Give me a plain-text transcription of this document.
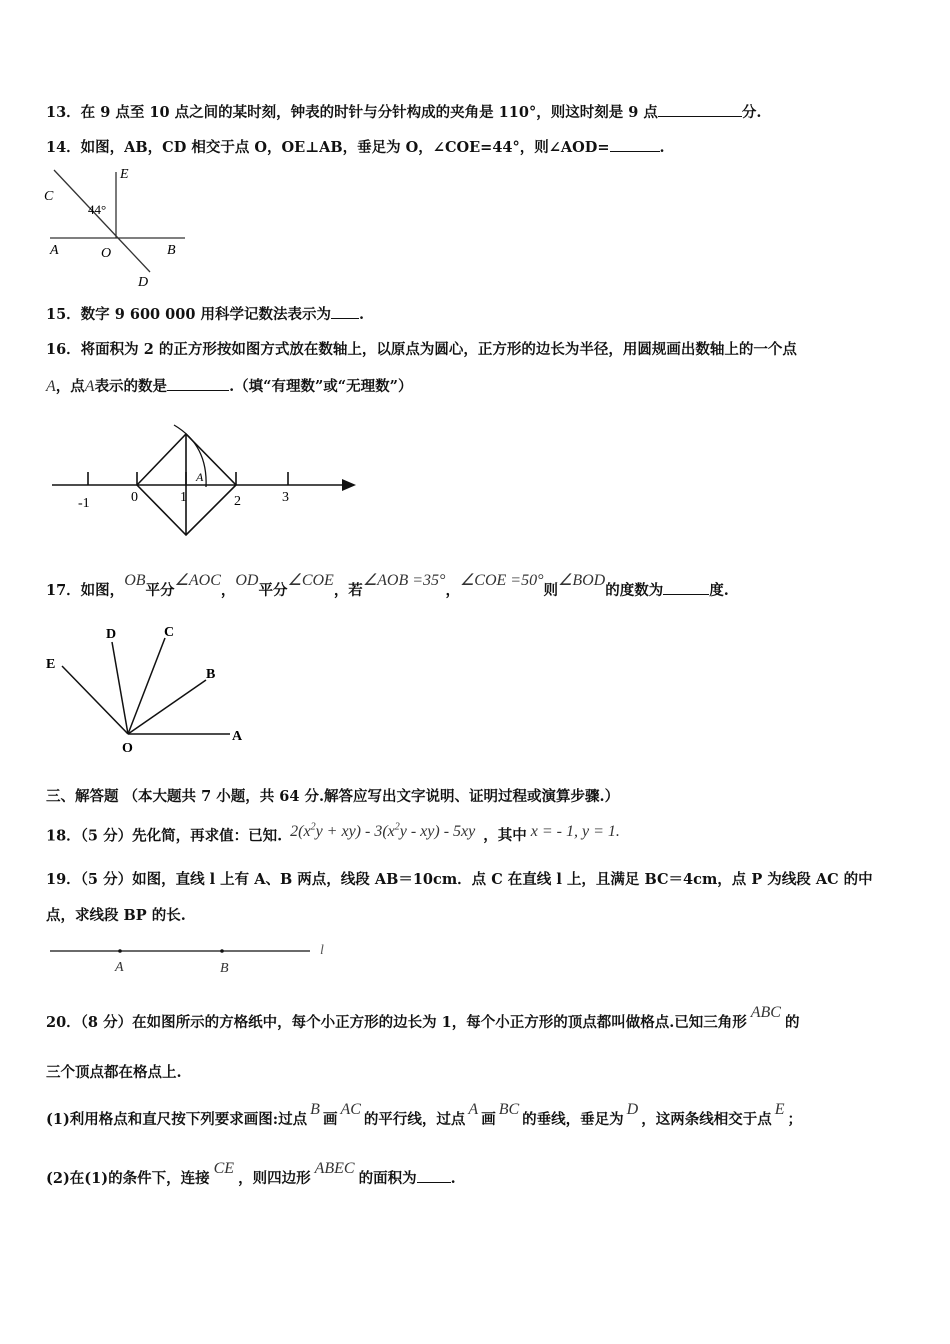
13．在 9 点至 10 点之间的某时刻，钟表的时针与分针构成的夹角是 110°，则这时刻是 9 点	分.
14．如图，AB，CD 相交于点 O，OE⊥AB，垂足为 O，∠COE=44°，则∠AOD=	.
C
E
44°
A	O	B
D
15．数字 9 600 000 用科学记数法表示为 .
16．将面积为 2 的正方形按如图方式放在数轴上，以原点为圆心，正方形的边长为半径，用圆规画出数轴上的一个点
A，点A表示的数是	.（填“有理数”或“无理数”）
-1	0	1	2	3
A
17．如图，OB平分∠AOC，OD平分∠COE，若∠AOB =35°，∠COE =50°则∠BOD的度数为	度.
D	C
E
B
O
A
三、解答题 （本大题共 7 小题，共 64 分.解答应写出文字说明、证明过程或演算步骤.）
18．（5 分）先化简，再求值：已知. $2(x^2y + xy) - 3(x^2y - xy) - 5xy$ ，其中 x = - 1, y = 1.
19．（5 分）如图，直线 l 上有 A、B 两点，线段 AB＝10cm．点 C 在直线 l 上，且满足 BC＝4cm，点 P 为线段 AC 的中
点，求线段 BP 的长.
A	B
l
20．（8 分）在如图所示的方格纸中，每个小正方形的边长为 1，每个小正方形的顶点都叫做格点.已知三角形ABC的
三个顶点都在格点上.
(1)利用格点和直尺按下列要求画图:过点B画AC的平行线，过点A画BC的垂线，垂足为D，这两条线相交于点E；
(2)在(1)的条件下，连接CE，则四边形ABEC的面积为 .
